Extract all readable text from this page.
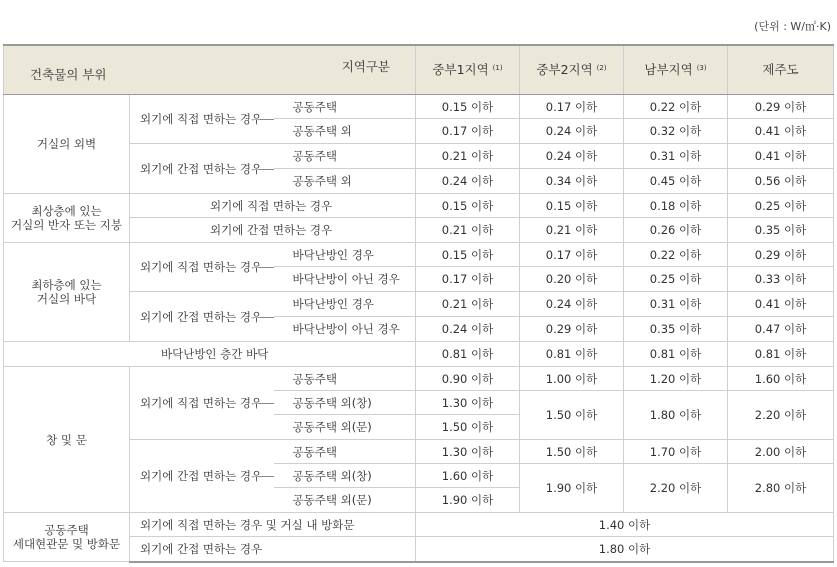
(단위 : W/㎡·K)
건축물의 부위
지역구분			중부1지역 $^{(1)}$	중부2지역 $^{(2)}$	남부지역 $^{(3)}$	제주도
거실의 외벽	외기에 직접 면하는 경우	공동주택	0.15 이하	0.17 이하	0.22 이하	0.29 이하
		공동주택 외	0.17 이하	0.24 이하	0.32 이하	0.41 이하
	외기에 간접 면하는 경우	공동주택	0.21 이하	0.24 이하	0.31 이하	0.41 이하
		공동주택 외	0.24 이하	0.34 이하	0.45 이하	0.56 이하
최상층에 있는
거실의 반자 또는 지붕	외기에 직접 면하는 경우		0.15 이하	0.15 이하	0.18 이하	0.25 이하
	외기에 간접 면하는 경우		0.21 이하	0.21 이하	0.26 이하	0.35 이하
최하층에 있는
거실의 바닥	외기에 직접 면하는 경우	바닥난방인 경우	0.15 이하	0.17 이하	0.22 이하	0.29 이하
		바닥난방이 아닌 경우	0.17 이하	0.20 이하	0.25 이하	0.33 이하
	외기에 간접 면하는 경우	바닥난방인 경우	0.21 이하	0.24 이하	0.31 이하	0.41 이하
		바닥난방이 아닌 경우	0.24 이하	0.29 이하	0.35 이하	0.47 이하
바닥난방인 층간 바닥			0.81 이하	0.81 이하	0.81 이하	0.81 이하
창 및 문	외기에 직접 면하는 경우	공동주택	0.90 이하	1.00 이하	1.20 이하	1.60 이하
		공동주택 외(창)	1.30 이하	1.50 이하	1.80 이하	2.20 이하
		공동주택 외(문)	1.50 이하			
	외기에 간접 면하는 경우	공동주택	1.30 이하	1.50 이하	1.70 이하	2.00 이하
		공동주택 외(창)	1.60 이하	1.90 이하	2.20 이하	2.80 이하
		공동주택 외(문)	1.90 이하			
공동주택
세대현관문 및 방화문	외기에 직접 면하는 경우 및 거실 내 방화문		1.40 이하			
	외기에 간접 면하는 경우		1.80 이하			
